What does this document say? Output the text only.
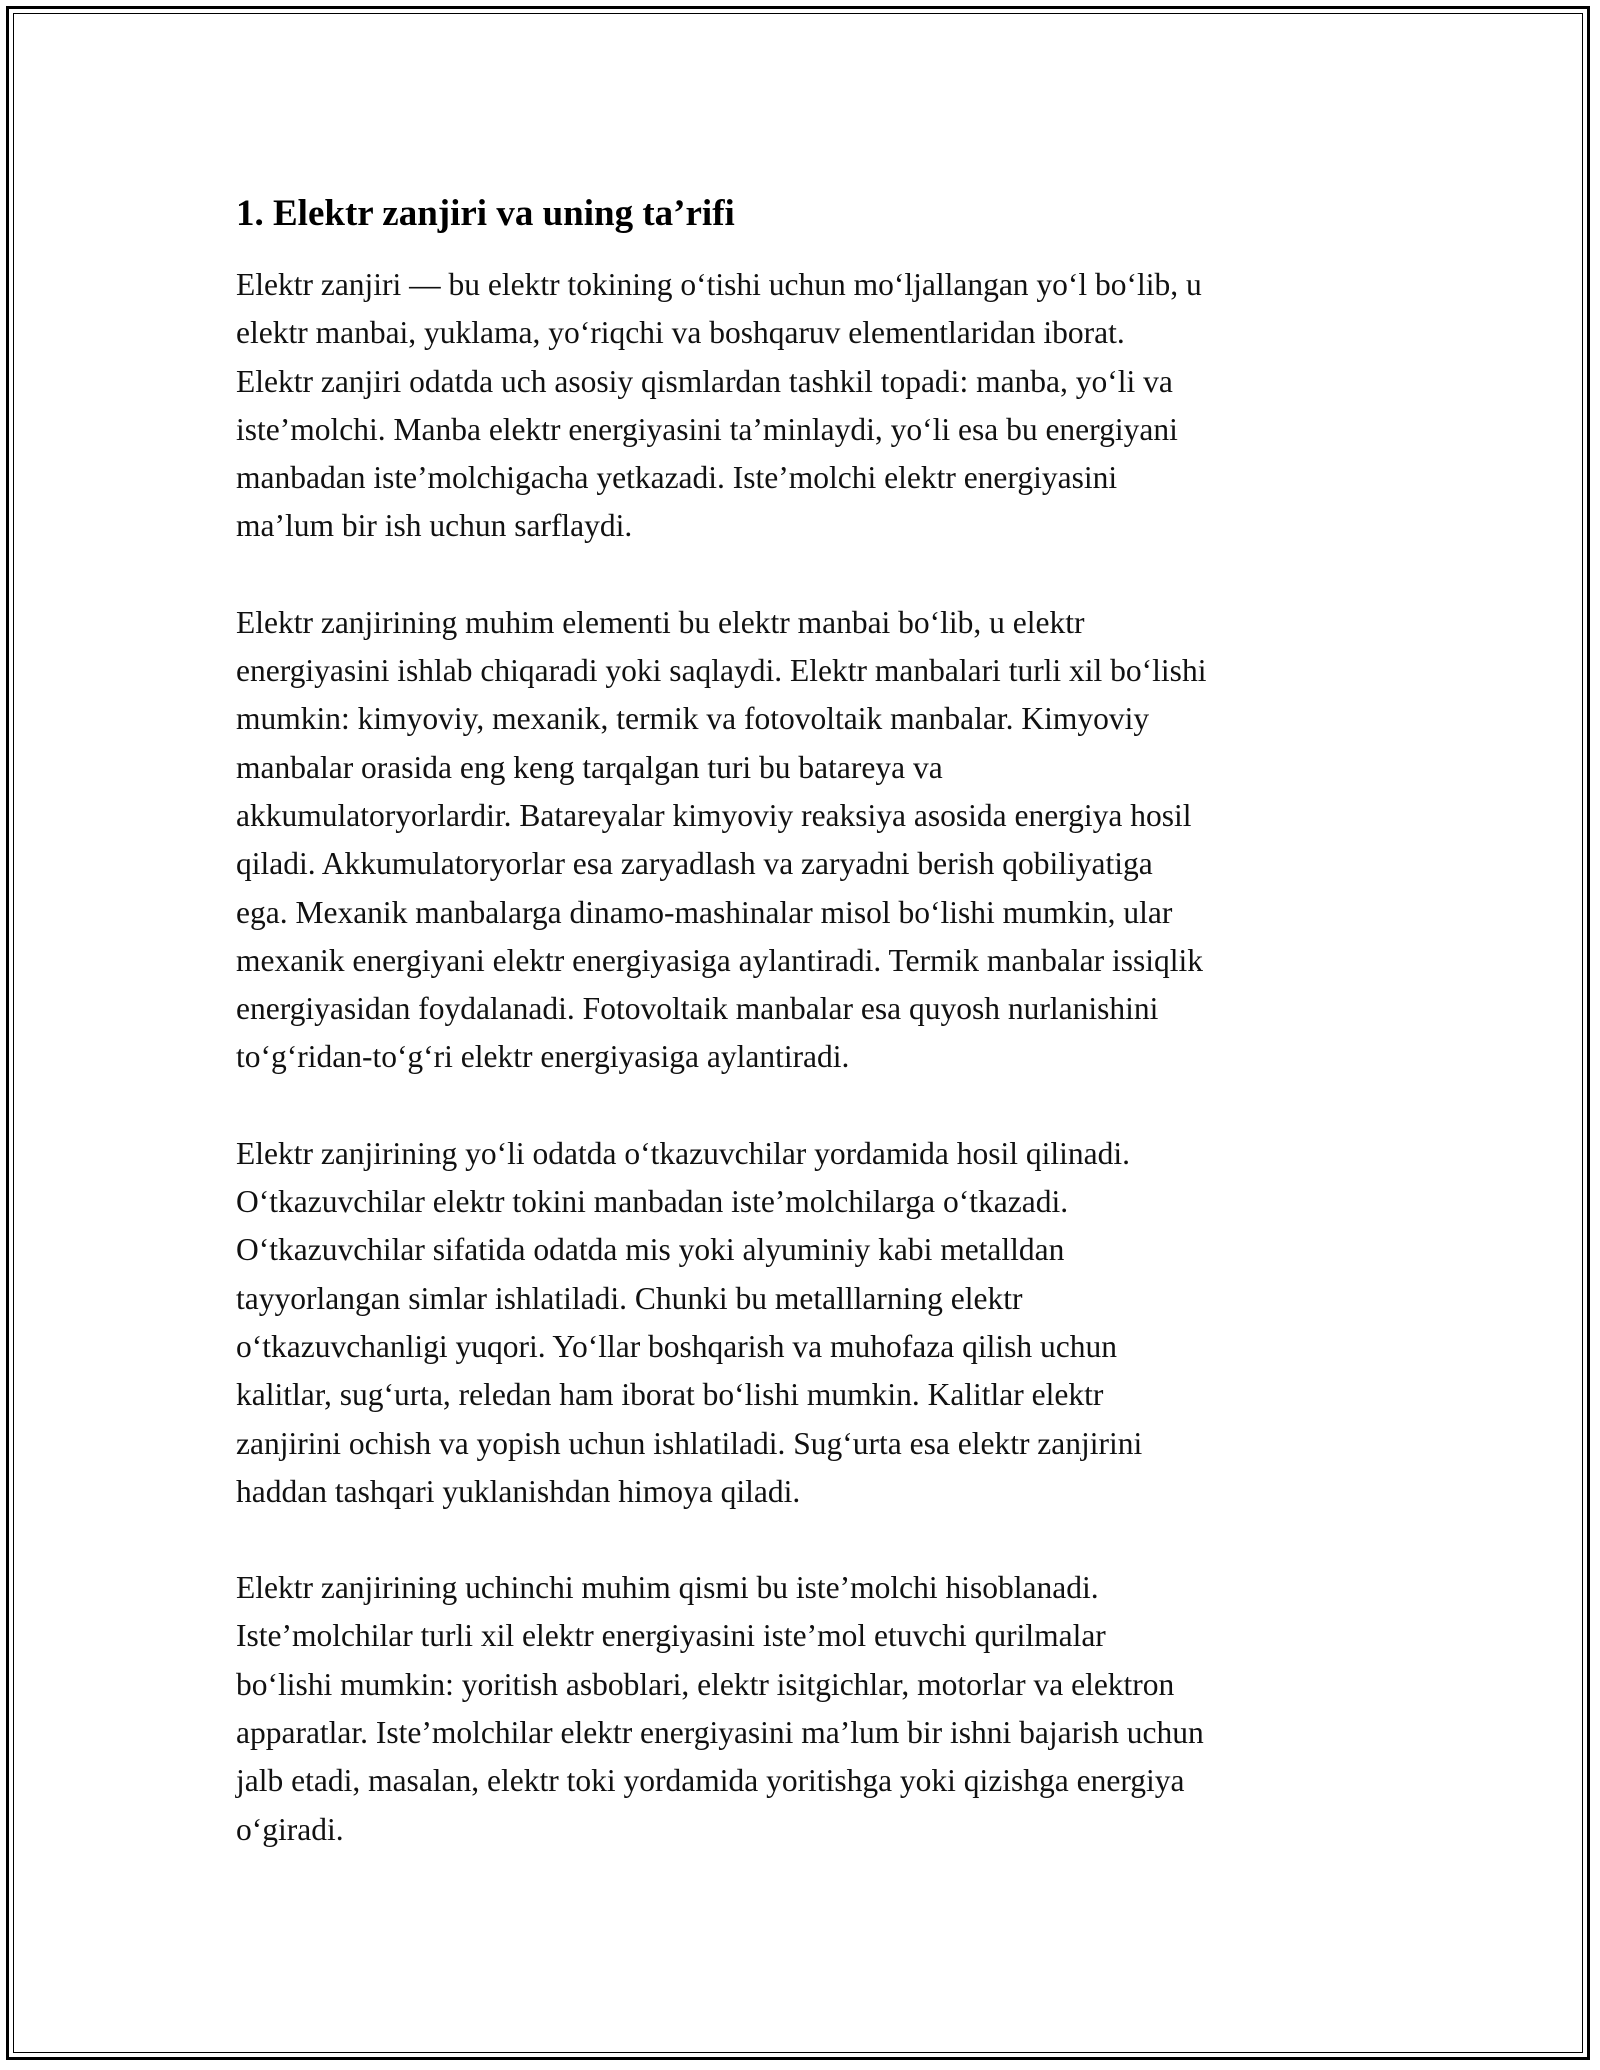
1. Elektr zanjiri va uning ta’rifi

Elektr zanjiri — bu elektr tokining o‘tishi uchun mo‘ljallangan yo‘l bo‘lib, u
elektr manbai, yuklama, yo‘riqchi va boshqaruv elementlaridan iborat.
Elektr zanjiri odatda uch asosiy qismlardan tashkil topadi: manba, yo‘li va
iste’molchi. Manba elektr energiyasini ta’minlaydi, yo‘li esa bu energiyani
manbadan iste’molchigacha yetkazadi. Iste’molchi elektr energiyasini
ma’lum bir ish uchun sarflaydi.

Elektr zanjirining muhim elementi bu elektr manbai bo‘lib, u elektr
energiyasini ishlab chiqaradi yoki saqlaydi. Elektr manbalari turli xil bo‘lishi
mumkin: kimyoviy, mexanik, termik va fotovoltaik manbalar. Kimyoviy
manbalar orasida eng keng tarqalgan turi bu batareya va
akkumulatoryorlardir. Batareyalar kimyoviy reaksiya asosida energiya hosil
qiladi. Akkumulatoryorlar esa zaryadlash va zaryadni berish qobiliyatiga
ega. Mexanik manbalarga dinamo-mashinalar misol bo‘lishi mumkin, ular
mexanik energiyani elektr energiyasiga aylantiradi. Termik manbalar issiqlik
energiyasidan foydalanadi. Fotovoltaik manbalar esa quyosh nurlanishini
to‘g‘ridan-to‘g‘ri elektr energiyasiga aylantiradi.

Elektr zanjirining yo‘li odatda o‘tkazuvchilar yordamida hosil qilinadi.
O‘tkazuvchilar elektr tokini manbadan iste’molchilarga o‘tkazadi.
O‘tkazuvchilar sifatida odatda mis yoki alyuminiy kabi metalldan
tayyorlangan simlar ishlatiladi. Chunki bu metalllarning elektr
o‘tkazuvchanligi yuqori. Yo‘llar boshqarish va muhofaza qilish uchun
kalitlar, sug‘urta, reledan ham iborat bo‘lishi mumkin. Kalitlar elektr
zanjirini ochish va yopish uchun ishlatiladi. Sug‘urta esa elektr zanjirini
haddan tashqari yuklanishdan himoya qiladi.

Elektr zanjirining uchinchi muhim qismi bu iste’molchi hisoblanadi.
Iste’molchilar turli xil elektr energiyasini iste’mol etuvchi qurilmalar
bo‘lishi mumkin: yoritish asboblari, elektr isitgichlar, motorlar va elektron
apparatlar. Iste’molchilar elektr energiyasini ma’lum bir ishni bajarish uchun
jalb etadi, masalan, elektr toki yordamida yoritishga yoki qizishga energiya
o‘giradi.
